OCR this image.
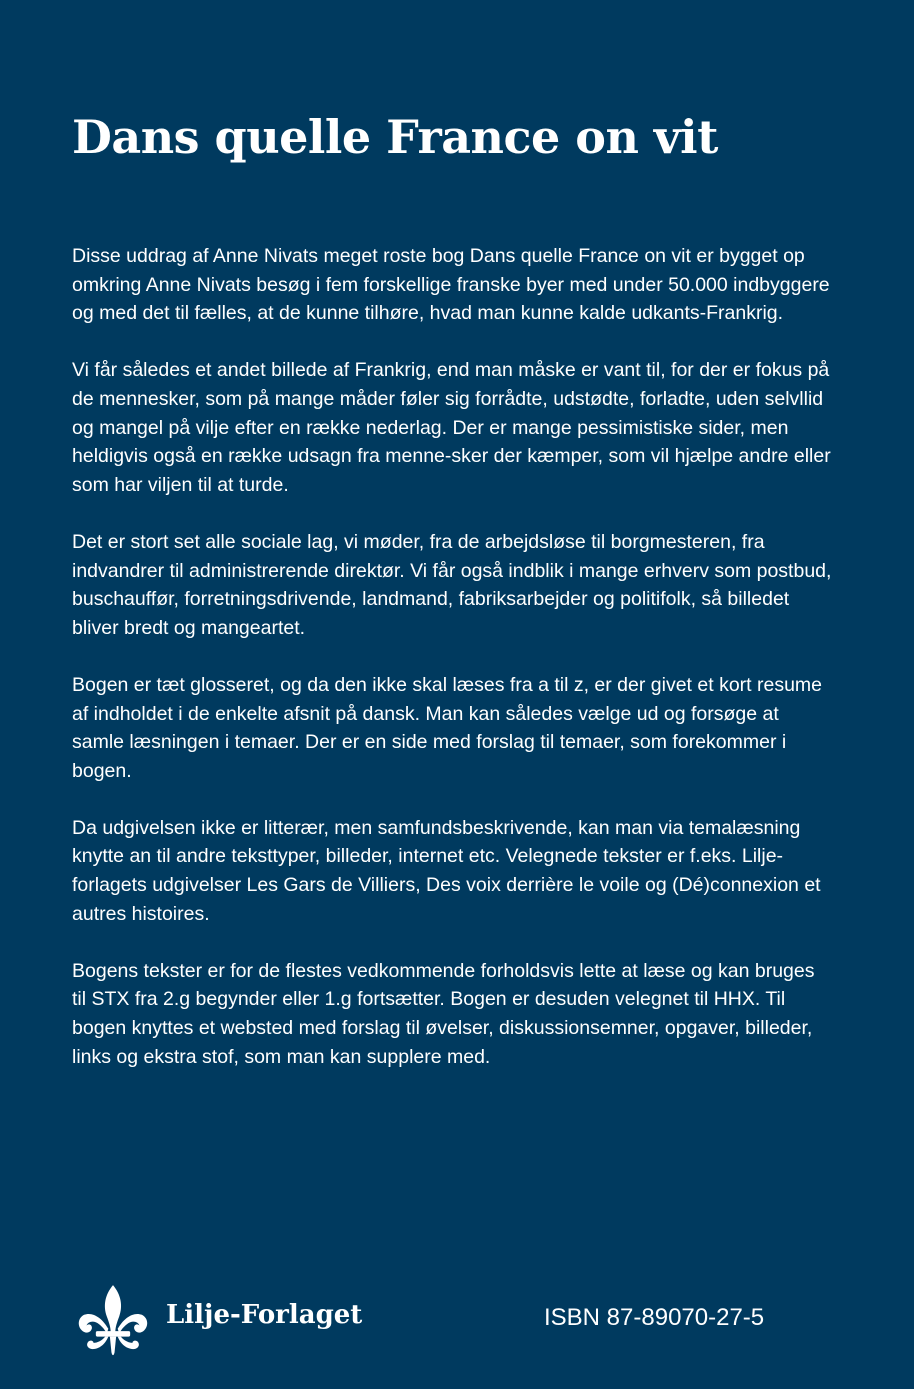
Dans quelle France on vit

Disse uddrag af Anne Nivats meget roste bog Dans quelle France on vit er bygget op omkring Anne Nivats besøg i fem forskellige franske byer med under 50.000 indbyggere og med det til fælles, at de kunne tilhøre, hvad man kunne kalde udkants-Frankrig.

Vi får således et andet billede af Frankrig, end man måske er vant til, for der er fokus på de mennesker, som på mange måder føler sig forrådte, udstødte, forladte, uden selvllid og mangel på vilje efter en række nederlag. Der er mange pessimistiske sider, men heldigvis også en række udsagn fra menne-sker der kæmper, som vil hjælpe andre eller som har viljen til at turde.

Det er stort set alle sociale lag, vi møder, fra de arbejdsløse til borgmesteren, fra indvandrer til administrerende direktør. Vi får også indblik i mange erhverv som postbud, buschauffør, forretningsdrivende, landmand, fabriksarbejder og politifolk, så billedet bliver bredt og mangeartet.

Bogen er tæt glosseret, og da den ikke skal læses fra a til z, er der givet et kort resume af indholdet i de enkelte afsnit på dansk. Man kan således vælge ud og forsøge at samle læsningen i temaer. Der er en side med forslag til temaer, som forekommer i bogen.

Da udgivelsen ikke er litterær, men samfundsbeskrivende, kan man via temalæsning knytte an til andre teksttyper, billeder, internet etc. Velegnede tekster er f.eks. Lilje-forlagets udgivelser Les Gars de Villiers, Des voix derrière le voile og (Dé)connexion et autres histoires.

Bogens tekster er for de flestes vedkommende forholdsvis lette at læse og kan bruges til STX fra 2.g begynder eller 1.g fortsætter. Bogen er desuden velegnet til HHX. Til bogen knyttes et websted med forslag til øvelser, diskussionsemner, opgaver, billeder, links og ekstra stof, som man kan supplere med.

Lilje-Forlaget	ISBN 87-89070-27-5
